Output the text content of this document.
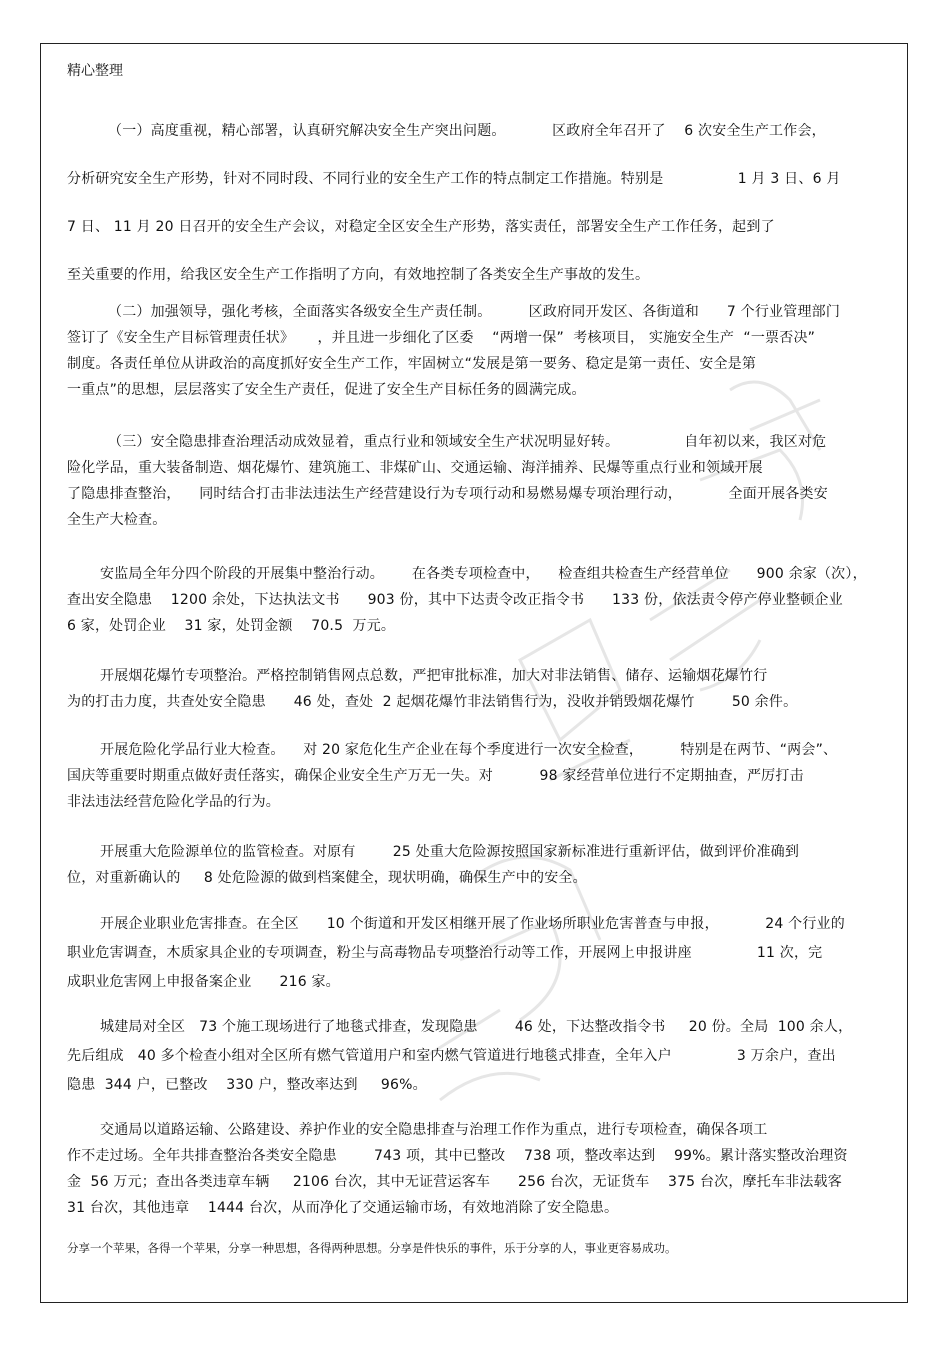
精心整理
（一）高度重视，精心部署，认真研究解决安全生产突出问题。          区政府全年召开了    6 次安全生产工作会，
分析研究安全生产形势，针对不同时段、不同行业的安全生产工作的特点制定工作措施。特别是                1 月 3 日、6 月
7 日、 11 月 20 日召开的安全生产会议，对稳定全区安全生产形势，落实责任，部署安全生产工作任务，起到了
至关重要的作用，给我区安全生产工作指明了方向，有效地控制了各类安全生产事故的发生。
（二）加强领导，强化考核，全面落实各级安全生产责任制。        区政府同开发区、各街道和      7 个行业管理部门
签订了《安全生产目标管理责任状》     ，并且进一步细化了区委    “两增一保”  考核项目， 实施安全生产  “一票否决”
制度。各责任单位从讲政治的高度抓好安全生产工作，牢固树立“发展是第一要务、稳定是第一责任、安全是第
一重点”的思想，层层落实了安全生产责任，促进了安全生产目标任务的圆满完成。
（三）安全隐患排查治理活动成效显着，重点行业和领域安全生产状况明显好转。              自年初以来，我区对危
险化学品，重大装备制造、烟花爆竹、建筑施工、非煤矿山、交通运输、海洋捕养、民爆等重点行业和领域开展
了隐患排查整治，    同时结合打击非法违法生产经营建设行为专项行动和易燃易爆专项治理行动，          全面开展各类安
全生产大检查。
安监局全年分四个阶段的开展集中整治行动。      在各类专项检查中，    检查组共检查生产经营单位      900 余家（次），
查出安全隐患    1200 余处，下达执法文书      903 份，其中下达责令改正指令书      133 份，依法责令停产停业整顿企业
6 家，处罚企业    31 家，处罚金额    70.5  万元。
开展烟花爆竹专项整治。严格控制销售网点总数，严把审批标准，加大对非法销售、储存、运输烟花爆竹行
为的打击力度，共查处安全隐患      46 处，查处  2 起烟花爆竹非法销售行为，没收并销毁烟花爆竹        50 余件。
开展危险化学品行业大检查。    对 20 家危化生产企业在每个季度进行一次安全检查，        特别是在两节、“两会”、
国庆等重要时期重点做好责任落实，确保企业安全生产万无一失。对          98 家经营单位进行不定期抽查，严厉打击
非法违法经营危险化学品的行为。
开展重大危险源单位的监管检查。对原有        25 处重大危险源按照国家新标准进行重新评估，做到评价准确到
位，对重新确认的     8 处危险源的做到档案健全，现状明确，确保生产中的安全。
开展企业职业危害排查。在全区      10 个街道和开发区相继开展了作业场所职业危害普查与申报，          24 个行业的
职业危害调查，木质家具企业的专项调查，粉尘与高毒物品专项整治行动等工作，开展网上申报讲座              11 次，完
成职业危害网上申报备案企业      216 家。
城建局对全区   73 个施工现场进行了地毯式排查，发现隐患        46 处，下达整改指令书     20 份。全局  100 余人，
先后组成   40 多个检查小组对全区所有燃气管道用户和室内燃气管道进行地毯式排查，全年入户              3 万余户，查出
隐患  344 户，已整改    330 户，整改率达到     96%。
交通局以道路运输、公路建设、养护作业的安全隐患排查与治理工作作为重点，进行专项检查，确保各项工
作不走过场。全年共排查整治各类安全隐患        743 项，其中已整改    738 项，整改率达到    99%。累计落实整改治理资
金  56 万元；查出各类违章车辆     2106 台次，其中无证营运客车      256 台次，无证货车    375 台次，摩托车非法载客
31 台次，其他违章    1444 台次，从而净化了交通运输市场，有效地消除了安全隐患。
分享一个苹果，各得一个苹果，分享一种思想，各得两种思想。分享是件快乐的事件，乐于分享的人，事业更容易成功。
